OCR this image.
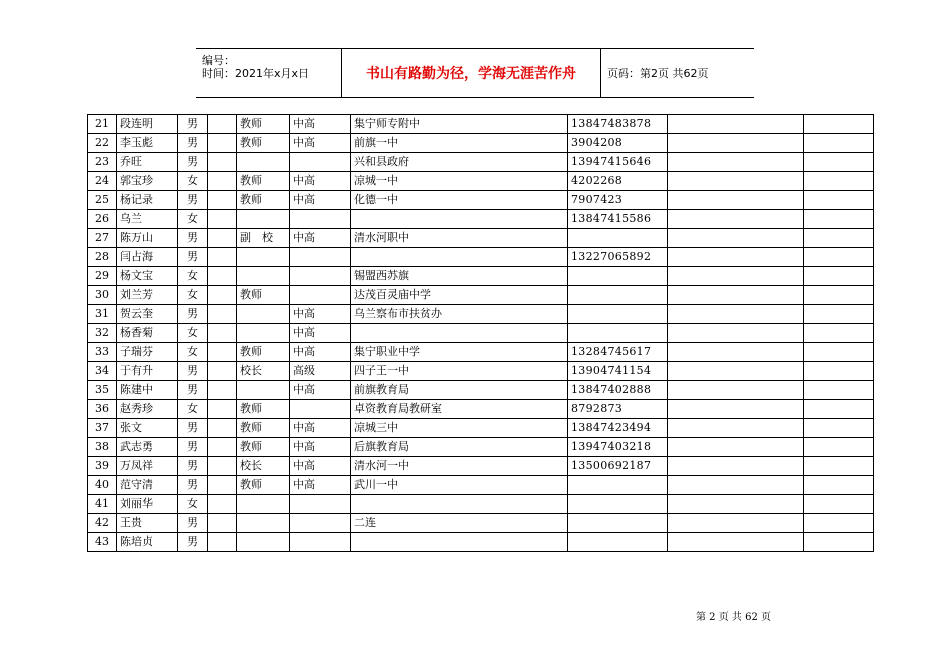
编号：
时间：2021年x月x日	书山有路勤为径，学海无涯苦作舟	页码：第2页 共62页
21	段连明	男		教师	中高	集宁师专附中	13847483878		
22	李玉彪	男		教师	中高	前旗一中	3904208		
23	乔旺	男				兴和县政府	13947415646		
24	郭宝珍	女		教师	中高	凉城一中	4202268		
25	杨记录	男		教师	中高	化德一中	7907423		
26	乌兰	女					13847415586		
27	陈万山	男		副　校	中高	清水河职中			
28	闫占海	男					13227065892		
29	杨文宝	女				锡盟西苏旗			
30	刘兰芳	女		教师		达茂百灵庙中学			
31	贺云奎	男			中高	乌兰察布市扶贫办			
32	杨香菊	女			中高				
33	子瑞芬	女		教师	中高	集宁职业中学	13284745617		
34	于有升	男		校长	高级	四子王一中	13904741154		
35	陈建中	男			中高	前旗教育局	13847402888		
36	赵秀珍	女		教师		卓资教育局教研室	8792873		
37	张文	男		教师	中高	凉城三中	13847423494		
38	武志勇	男		教师	中高	后旗教育局	13947403218		
39	万凤祥	男		校长	中高	清水河一中	13500692187		
40	范守清	男		教师	中高	武川一中			
41	刘丽华	女							
42	王贵	男				二连			
43	陈培贞	男							
第 2 页 共 62 页
